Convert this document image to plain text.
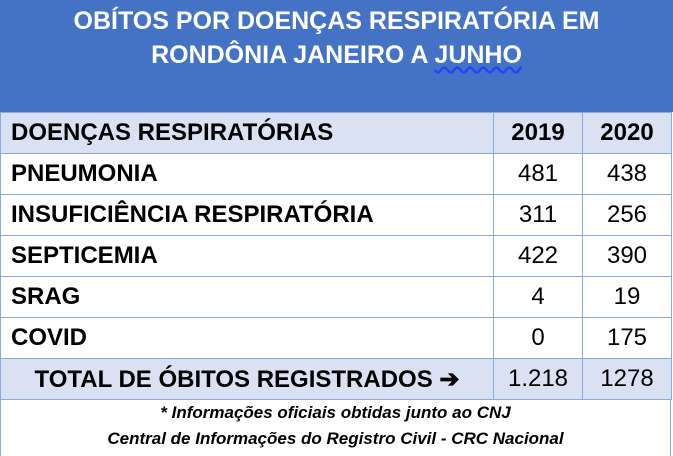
OBÍTOS POR DOENÇAS RESPIRATÓRIA EM
RONDÔNIA JANEIRO A JUNHO
DOENÇAS RESPIRATÓRIAS	2019	2020
PNEUMONIA	481	438
INSUFICIÊNCIA RESPIRATÓRIA	311	256
SEPTICEMIA	422	390
SRAG	4	19
COVID	0	175
TOTAL DE ÓBITOS REGISTRADOS ➔	1.218	1278
* Informações oficiais obtidas junto ao CNJ
Central de Informações do Registro Civil - CRC Nacional
